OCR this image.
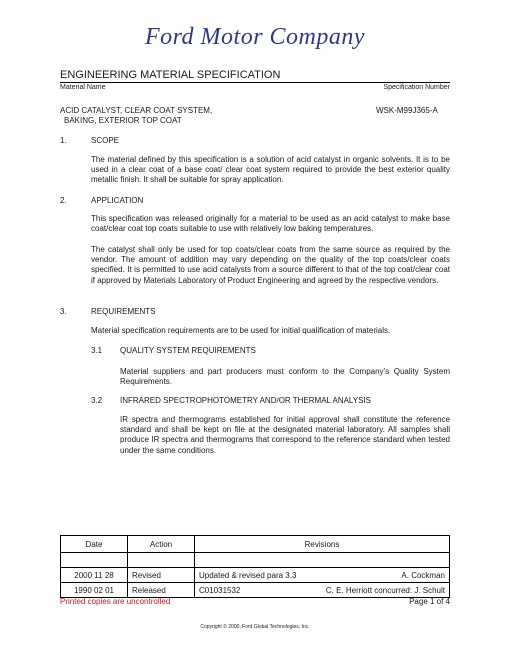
Ford Motor Company
ENGINEERING MATERIAL SPECIFICATION
Material Name	Specification Number
ACID CATALYST, CLEAR COAT SYSTEM,
BAKING, EXTERIOR TOP COAT
WSK-M99J365-A
1.	SCOPE
The material defined by this specification is a solution of acid catalyst in organic solvents. It is to be used in a clear coat of a base coat/ clear coat system required to provide the best exterior quality metallic finish. It shall be suitable for spray application.
2.	APPLICATION
This specification was released originally for a material to be used as an acid catalyst to make base coat/clear coat top coats suitable to use with relatively low baking temperatures.
The catalyst shall only be used for top coats/clear coats from the same source as required by the vendor. The amount of addition may vary depending on the quality of the top coats/clear coats specified. It is permitted to use acid catalysts from a source different to that of the top coat/clear coat if approved by Materials Laboratory of Product Engineering and agreed by the respective vendors.
3.	REQUIREMENTS
Material specification requirements are to be used for initial qualification of materials.
3.1 QUALITY SYSTEM REQUIREMENTS
Material suppliers and part producers must conform to the Company's Quality System Requirements.
3.2 INFRARED SPECTROPHOTOMETRY AND/OR THERMAL ANALYSIS
IR spectra and thermograms established for initial approval shall constitute the reference standard and shall be kept on file at the designated material laboratory. All samples shall produce IR spectra and thermograms that correspond to the reference standard when tested under the same conditions.
Date	Action	Revisions

2000 11 28	Revised	Updated & revised para 3.3 A. Cockman

1990 02 01	Released	C01031532 C. E. Herriott concurred: J. Schult
Printed copies are uncontrolled	Page 1 of 4
Copyright © 2000, Ford Global Technologies, Inc.
